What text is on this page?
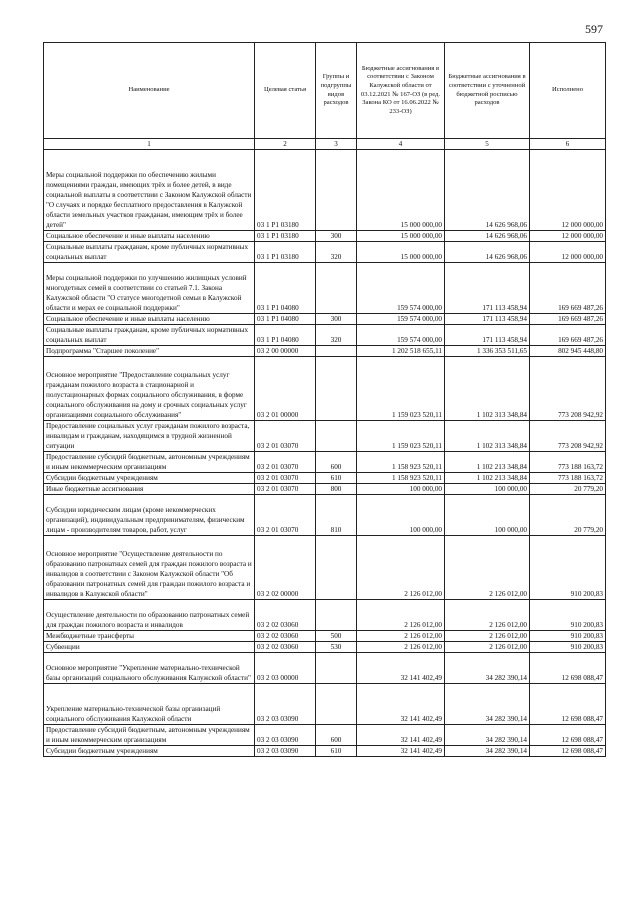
597
Наименование	Целевая статья	Группы и подгруппы видов расходов	Бюджетные ассигнования в соответствии с Законом Калужской области от 03.12.2021 № 167-ОЗ (в ред. Закона КО от 16.06.2022 № 233-ОЗ)	Бюджетные ассигнования в соответствии с уточненной бюджетной росписью расходов	Исполнено
1	2	3	4	5	6
Меры социальной поддержки по обеспечению жилыми помещениями граждан, имеющих трёх и более детей, в виде социальной выплаты в соответствии с Законом Калужской области "О случаях и порядке бесплатного предоставления в Калужской области земельных участков гражданам, имеющим трёх и более детей"	03 1 P1 03180		15 000 000,00	14 626 968,06	12 000 000,00
Социальное обеспечение и иные выплаты населению	03 1 P1 03180	300	15 000 000,00	14 626 968,06	12 000 000,00
Социальные выплаты гражданам, кроме публичных нормативных социальных выплат	03 1 P1 03180	320	15 000 000,00	14 626 968,06	12 000 000,00
Меры социальной поддержки по улучшению жилищных условий многодетных семей в соответствии со статьей 7.1. Закона Калужской области "О статусе многодетной семьи в Калужской области и мерах ее социальной поддержки"	03 1 P1 04080		159 574 000,00	171 113 458,94	169 669 487,26
Социальное обеспечение и иные выплаты населению	03 1 P1 04080	300	159 574 000,00	171 113 458,94	169 669 487,26
Социальные выплаты гражданам, кроме публичных нормативных социальных выплат	03 1 P1 04080	320	159 574 000,00	171 113 458,94	169 669 487,26
Подпрограмма "Старшее поколение"	03 2 00 00000		1 202 518 655,11	1 336 353 511,65	802 945 448,80
Основное мероприятие "Предоставление социальных услуг гражданам пожилого возраста в стационарной и полустационарных формах социального обслуживания, в форме социального обслуживания на дому и срочных социальных услуг организациями социального обслуживания"	03 2 01 00000		1 159 023 520,11	1 102 313 348,84	773 208 942,92
Предоставление социальных услуг гражданам пожилого возраста, инвалидам и гражданам, находящимся в трудной жизненной ситуации	03 2 01 03070		1 159 023 520,11	1 102 313 348,84	773 208 942,92
Предоставление субсидий бюджетным, автономным учреждениям и иным некоммерческим организациям	03 2 01 03070	600	1 158 923 520,11	1 102 213 348,84	773 188 163,72
Субсидии бюджетным учреждениям	03 2 01 03070	610	1 158 923 520,11	1 102 213 348,84	773 188 163,72
Иные бюджетные ассигнования	03 2 01 03070	800	100 000,00	100 000,00	20 779,20
Субсидии юридическим лицам (кроме некоммерческих организаций), индивидуальным предпринимателям, физическим лицам - производителям товаров, работ, услуг	03 2 01 03070	810	100 000,00	100 000,00	20 779,20
Основное мероприятие "Осуществление деятельности по образованию патронатных семей для граждан пожилого возраста и инвалидов в соответствии с Законом Калужской области "Об образовании патронатных семей для граждан пожилого возраста и инвалидов в Калужской области"	03 2 02 00000		2 126 012,00	2 126 012,00	910 200,83
Осуществление деятельности по образованию патронатных семей для граждан пожилого возраста и инвалидов	03 2 02 03060		2 126 012,00	2 126 012,00	910 200,83
Межбюджетные трансферты	03 2 02 03060	500	2 126 012,00	2 126 012,00	910 200,83
Субвенции	03 2 02 03060	530	2 126 012,00	2 126 012,00	910 200,83
Основное мероприятие "Укрепление материально-технической базы организаций социального обслуживания Калужской области"	03 2 03 00000		32 141 402,49	34 282 390,14	12 698 088,47
Укрепление материально-технической базы организаций социального обслуживания Калужской области	03 2 03 03090		32 141 402,49	34 282 390,14	12 698 088,47
Предоставление субсидий бюджетным, автономным учреждениям и иным некоммерческим организациям	03 2 03 03090	600	32 141 402,49	34 282 390,14	12 698 088,47
Субсидии бюджетным учреждениям	03 2 03 03090	610	32 141 402,49	34 282 390,14	12 698 088,47
